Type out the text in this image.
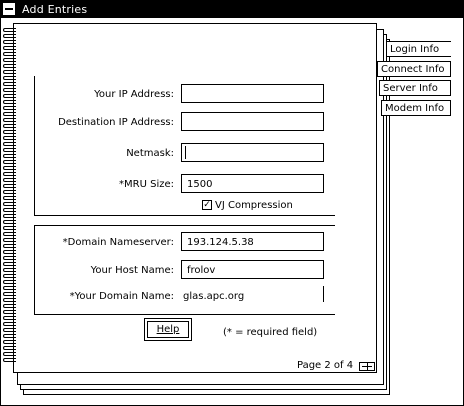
Add Entries
Modem Info
Server Info
Connect Info
Login Info
Your IP Address:
Destination IP Address:
Netmask:
*MRU Size:	1500
✓ VJ Compression
*Domain Nameserver:	193.124.5.38
Your Host Name:	frolov
*Your Domain Name: glas.apc.org
Help	(* = required field)
Page 2 of 4
